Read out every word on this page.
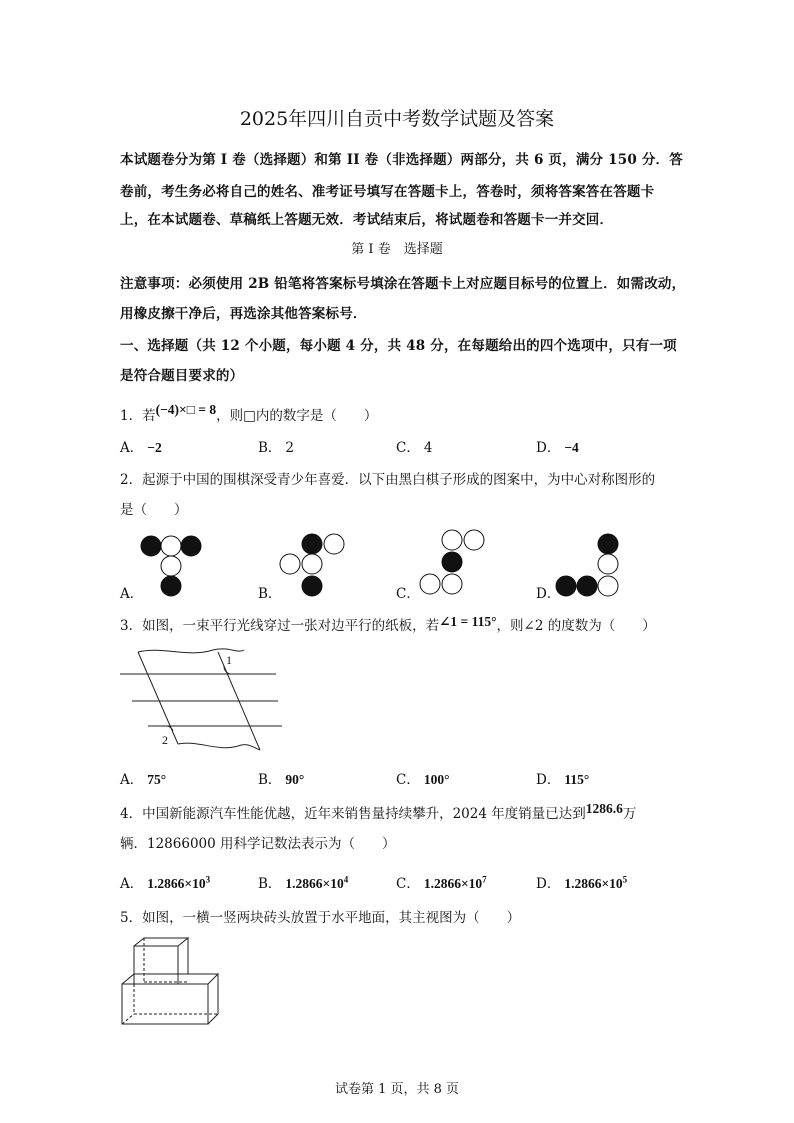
2025年四川自贡中考数学试题及答案
本试题卷分为第 I 卷（选择题）和第 II 卷（非选择题）两部分，共 6 页，满分 150 分．答
卷前，考生务必将自己的姓名、准考证号填写在答题卡上，答卷时，须将答案答在答题卡
上，在本试题卷、草稿纸上答题无效．考试结束后，将试题卷和答题卡一并交回．
第 I 卷　选择题
注意事项：必须使用 2B 铅笔将答案标号填涂在答题卡上对应题目标号的位置上．如需改动，
用橡皮擦干净后，再选涂其他答案标号．
一、选择题（共 12 个小题，每小题 4 分，共 48 分，在每题给出的四个选项中，只有一项
是符合题目要求的）
1．若(−4)×□ = 8，则□内的数字是（　　）
A． −2	B． 2	C． 4	D． −4
2．起源于中国的围棋深受青少年喜爱．以下由黑白棋子形成的图案中，为中心对称图形的
是（　　）
A．	B．	C．	D．
3．如图，一束平行光线穿过一张对边平行的纸板，若∠1 = 115°，则∠2 的度数为（　　）
1
2
A． 75°	B． 90°	C． 100°	D． 115°
4．中国新能源汽车性能优越，近年来销售量持续攀升，2024 年度销量已达到1286.6万
辆．12866000 用科学记数法表示为（　　）
A． $1.2866\times 10^3$	B． $1.2866\times 10^4$	C． $1.2866\times 10^7$	D． $1.2866\times 10^5$
5．如图，一横一竖两块砖头放置于水平地面，其主视图为（　　）
试卷第 1 页，共 8 页
